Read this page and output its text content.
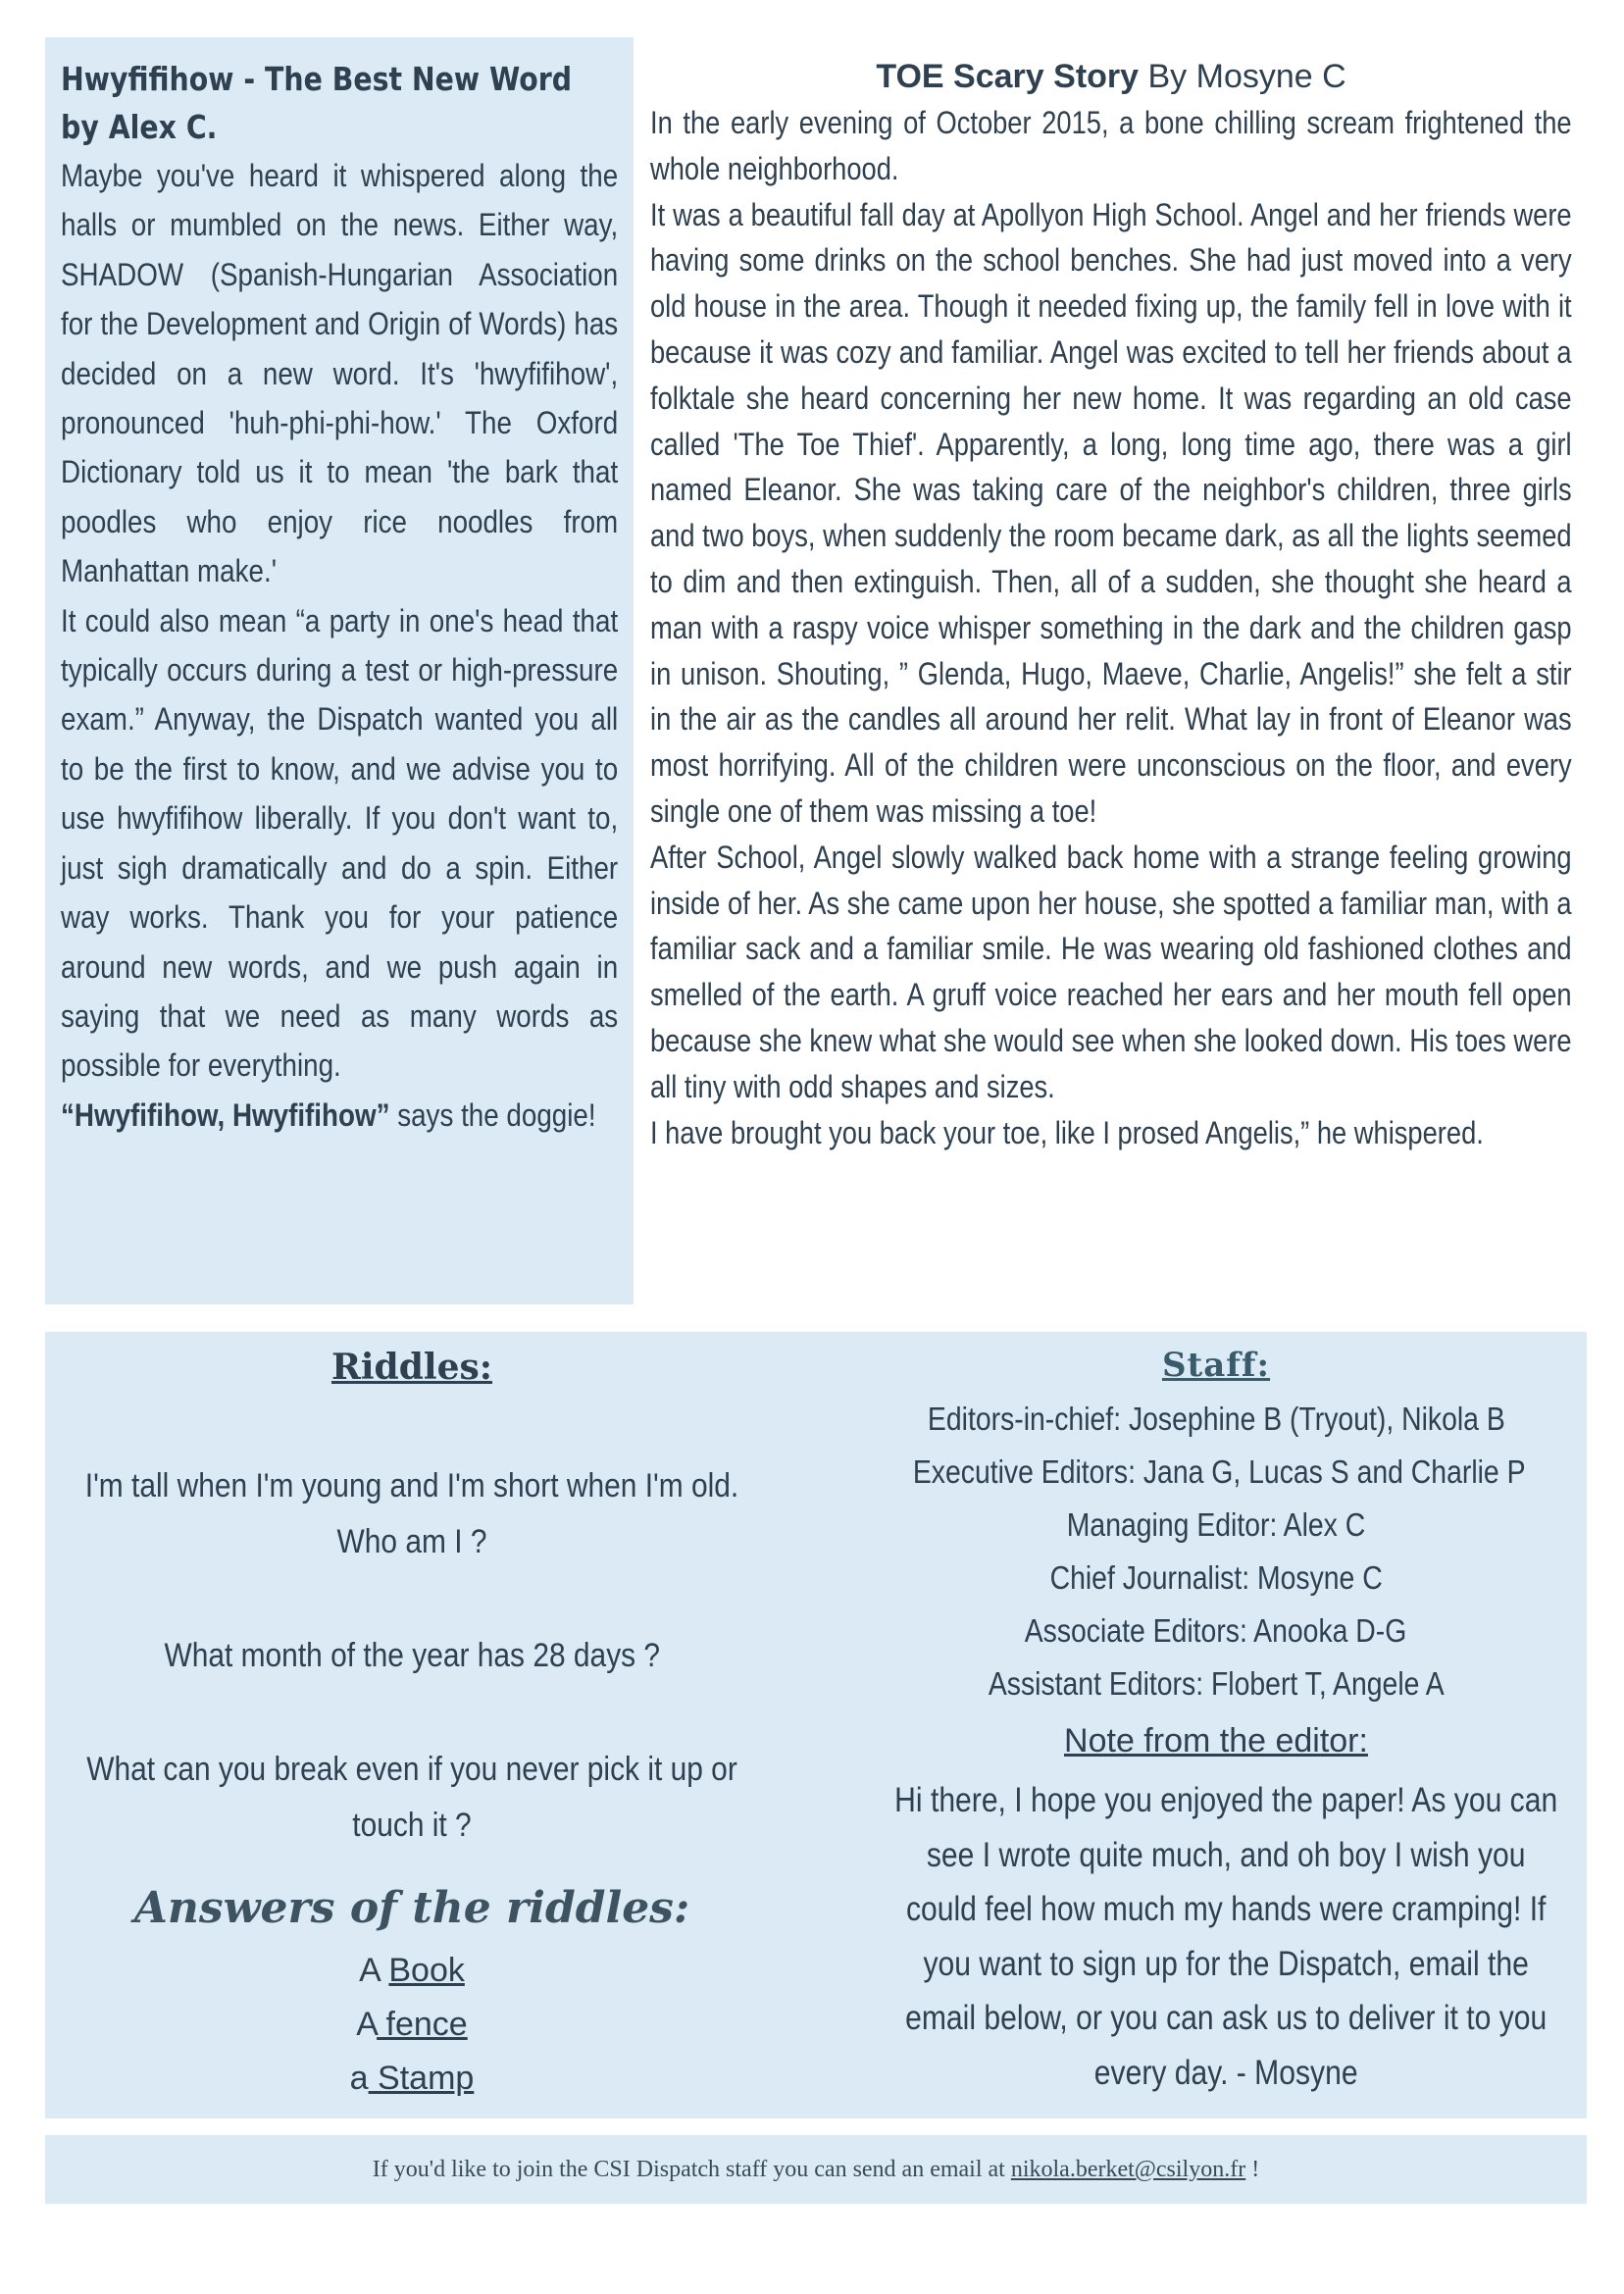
Hwyfifihow - The Best New Word by Alex C.

Maybe you've heard it whispered along the halls or mumbled on the news. Either way, SHADOW (Spanish-Hungarian Association for the Development and Origin of Words) has decided on a new word. It's 'hwyfifihow', pronounced 'huh-phi-phi-how.' The Oxford Dictionary told us it to mean 'the bark that poodles who enjoy rice noodles from Manhattan make.'

It could also mean “a party in one's head that typically occurs during a test or high-pressure exam.” Anyway, the Dispatch wanted you all to be the first to know, and we advise you to use hwyfifihow liberally. If you don't want to, just sigh dramatically and do a spin. Either way works. Thank you for your patience around new words, and we push again in saying that we need as many words as possible for everything.

“Hwyfifihow, Hwyfifihow” says the doggie!

TOE Scary Story By Mosyne C

In the early evening of October 2015, a bone chilling scream frightened the whole neighborhood.

It was a beautiful fall day at Apollyon High School. Angel and her friends were having some drinks on the school benches. She had just moved into a very old house in the area. Though it needed fixing up, the family fell in love with it because it was cozy and familiar. Angel was excited to tell her friends about a folktale she heard concerning her new home. It was regarding an old case called 'The Toe Thief'. Apparently, a long, long time ago, there was a girl named Eleanor. She was taking care of the neighbor's children, three girls and two boys, when suddenly the room became dark, as all the lights seemed to dim and then extinguish. Then, all of a sudden, she thought she heard a man with a raspy voice whisper something in the dark and the children gasp in unison. Shouting, ” Glenda, Hugo, Maeve, Charlie, Angelis!” she felt a stir in the air as the candles all around her relit. What lay in front of Eleanor was most horrifying. All of the children were unconscious on the floor, and every single one of them was missing a toe!

After School, Angel slowly walked back home with a strange feeling growing inside of her. As she came upon her house, she spotted a familiar man, with a familiar sack and a familiar smile. He was wearing old fashioned clothes and smelled of the earth. A gruff voice reached her ears and her mouth fell open because she knew what she would see when she looked down. His toes were all tiny with odd shapes and sizes.

I have brought you back your toe, like I prosed Angelis,” he whispered.

Riddles:
I'm tall when I'm young and I'm short when I'm old. Who am I ?
What month of the year has 28 days ?
What can you break even if you never pick it up or touch it ?
Answers of the riddles:
A Book
A fence
a Stamp
Staff:
Editors-in-chief: Josephine B (Tryout), Nikola B
Executive Editors: Jana G, Lucas S and Charlie P
Managing Editor: Alex C
Chief Journalist: Mosyne C
Associate Editors: Anooka D-G
Assistant Editors: Flobert T, Angele A
Note from the editor:
Hi there, I hope you enjoyed the paper! As you can see I wrote quite much, and oh boy I wish you could feel how much my hands were cramping! If you want to sign up for the Dispatch, email the email below, or you can ask us to deliver it to you every day. - Mosyne
If you'd like to join the CSI Dispatch staff you can send an email at nikola.berket@csilyon.fr !
